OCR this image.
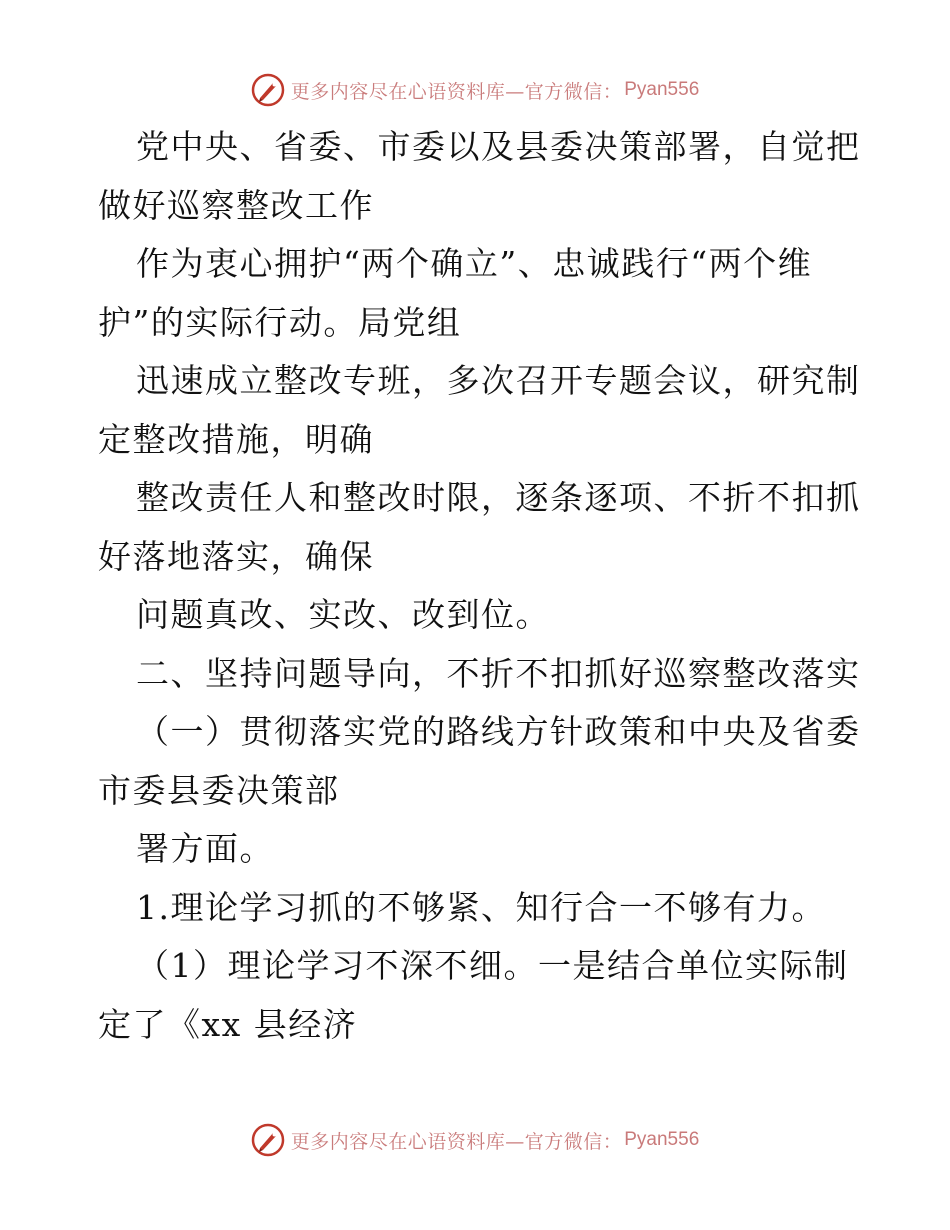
更多内容尽在心语资料库—官方微信： Pyan556

党中央、省委、市委以及县委决策部署，自觉把

做好巡察整改工作

作为衷心拥护“两个确立”、忠诚践行“两个维

护”的实际行动。局党组

迅速成立整改专班，多次召开专题会议，研究制

定整改措施，明确

整改责任人和整改时限，逐条逐项、不折不扣抓

好落地落实，确保

问题真改、实改、改到位。

二、坚持问题导向，不折不扣抓好巡察整改落实

（一）贯彻落实党的路线方针政策和中央及省委

市委县委决策部

署方面。

1.理论学习抓的不够紧、知行合一不够有力。

（1）理论学习不深不细。一是结合单位实际制

定了《xx 县经济

更多内容尽在心语资料库—官方微信： Pyan556
